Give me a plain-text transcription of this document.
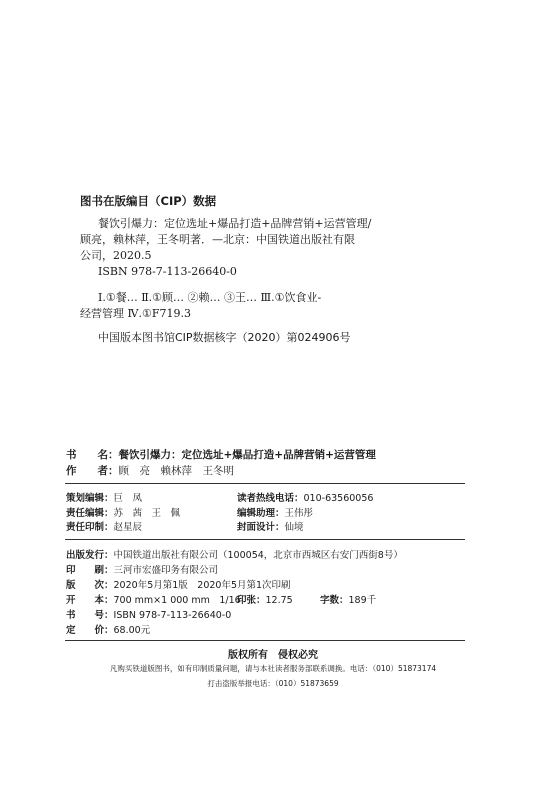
图书在版编目（CIP）数据
餐饮引爆力：定位选址+爆品打造+品牌营销+运营管理/
顾亮，赖林萍，王冬明著．—北京：中国铁道出版社有限
公司，2020.5
ISBN 978-7-113-26640-0
Ⅰ.①餐… Ⅱ.①顾… ②赖… ③王… Ⅲ.①饮食业-
经营管理 Ⅳ.①F719.3
中国版本图书馆CIP数据核字（2020）第024906号
书　　名：餐饮引爆力：定位选址+爆品打造+品牌营销+运营管理
作　　者：顾　亮　赖林萍　王冬明
策划编辑：巨　凤	读者热线电话：010-63560056
责任编辑：苏　茜　王　佩	编辑助理：王伟彤
责任印制：赵星辰	封面设计：仙境
出版发行：中国铁道出版社有限公司（100054，北京市西城区右安门西街8号）
印　　刷：三河市宏盛印务有限公司
版　　次：2020年5月第1版　2020年5月第1次印刷
开　　本：700 mm×1 000 mm　1/16
印张：12.75	字数：189千
书　　号：ISBN 978-7-113-26640-0
定　　价：68.00元
版权所有　侵权必究
凡购买铁道版图书，如有印制质量问题，请与本社读者服务部联系调换。电话：（010）51873174
打击盗版举报电话：（010）51873659
